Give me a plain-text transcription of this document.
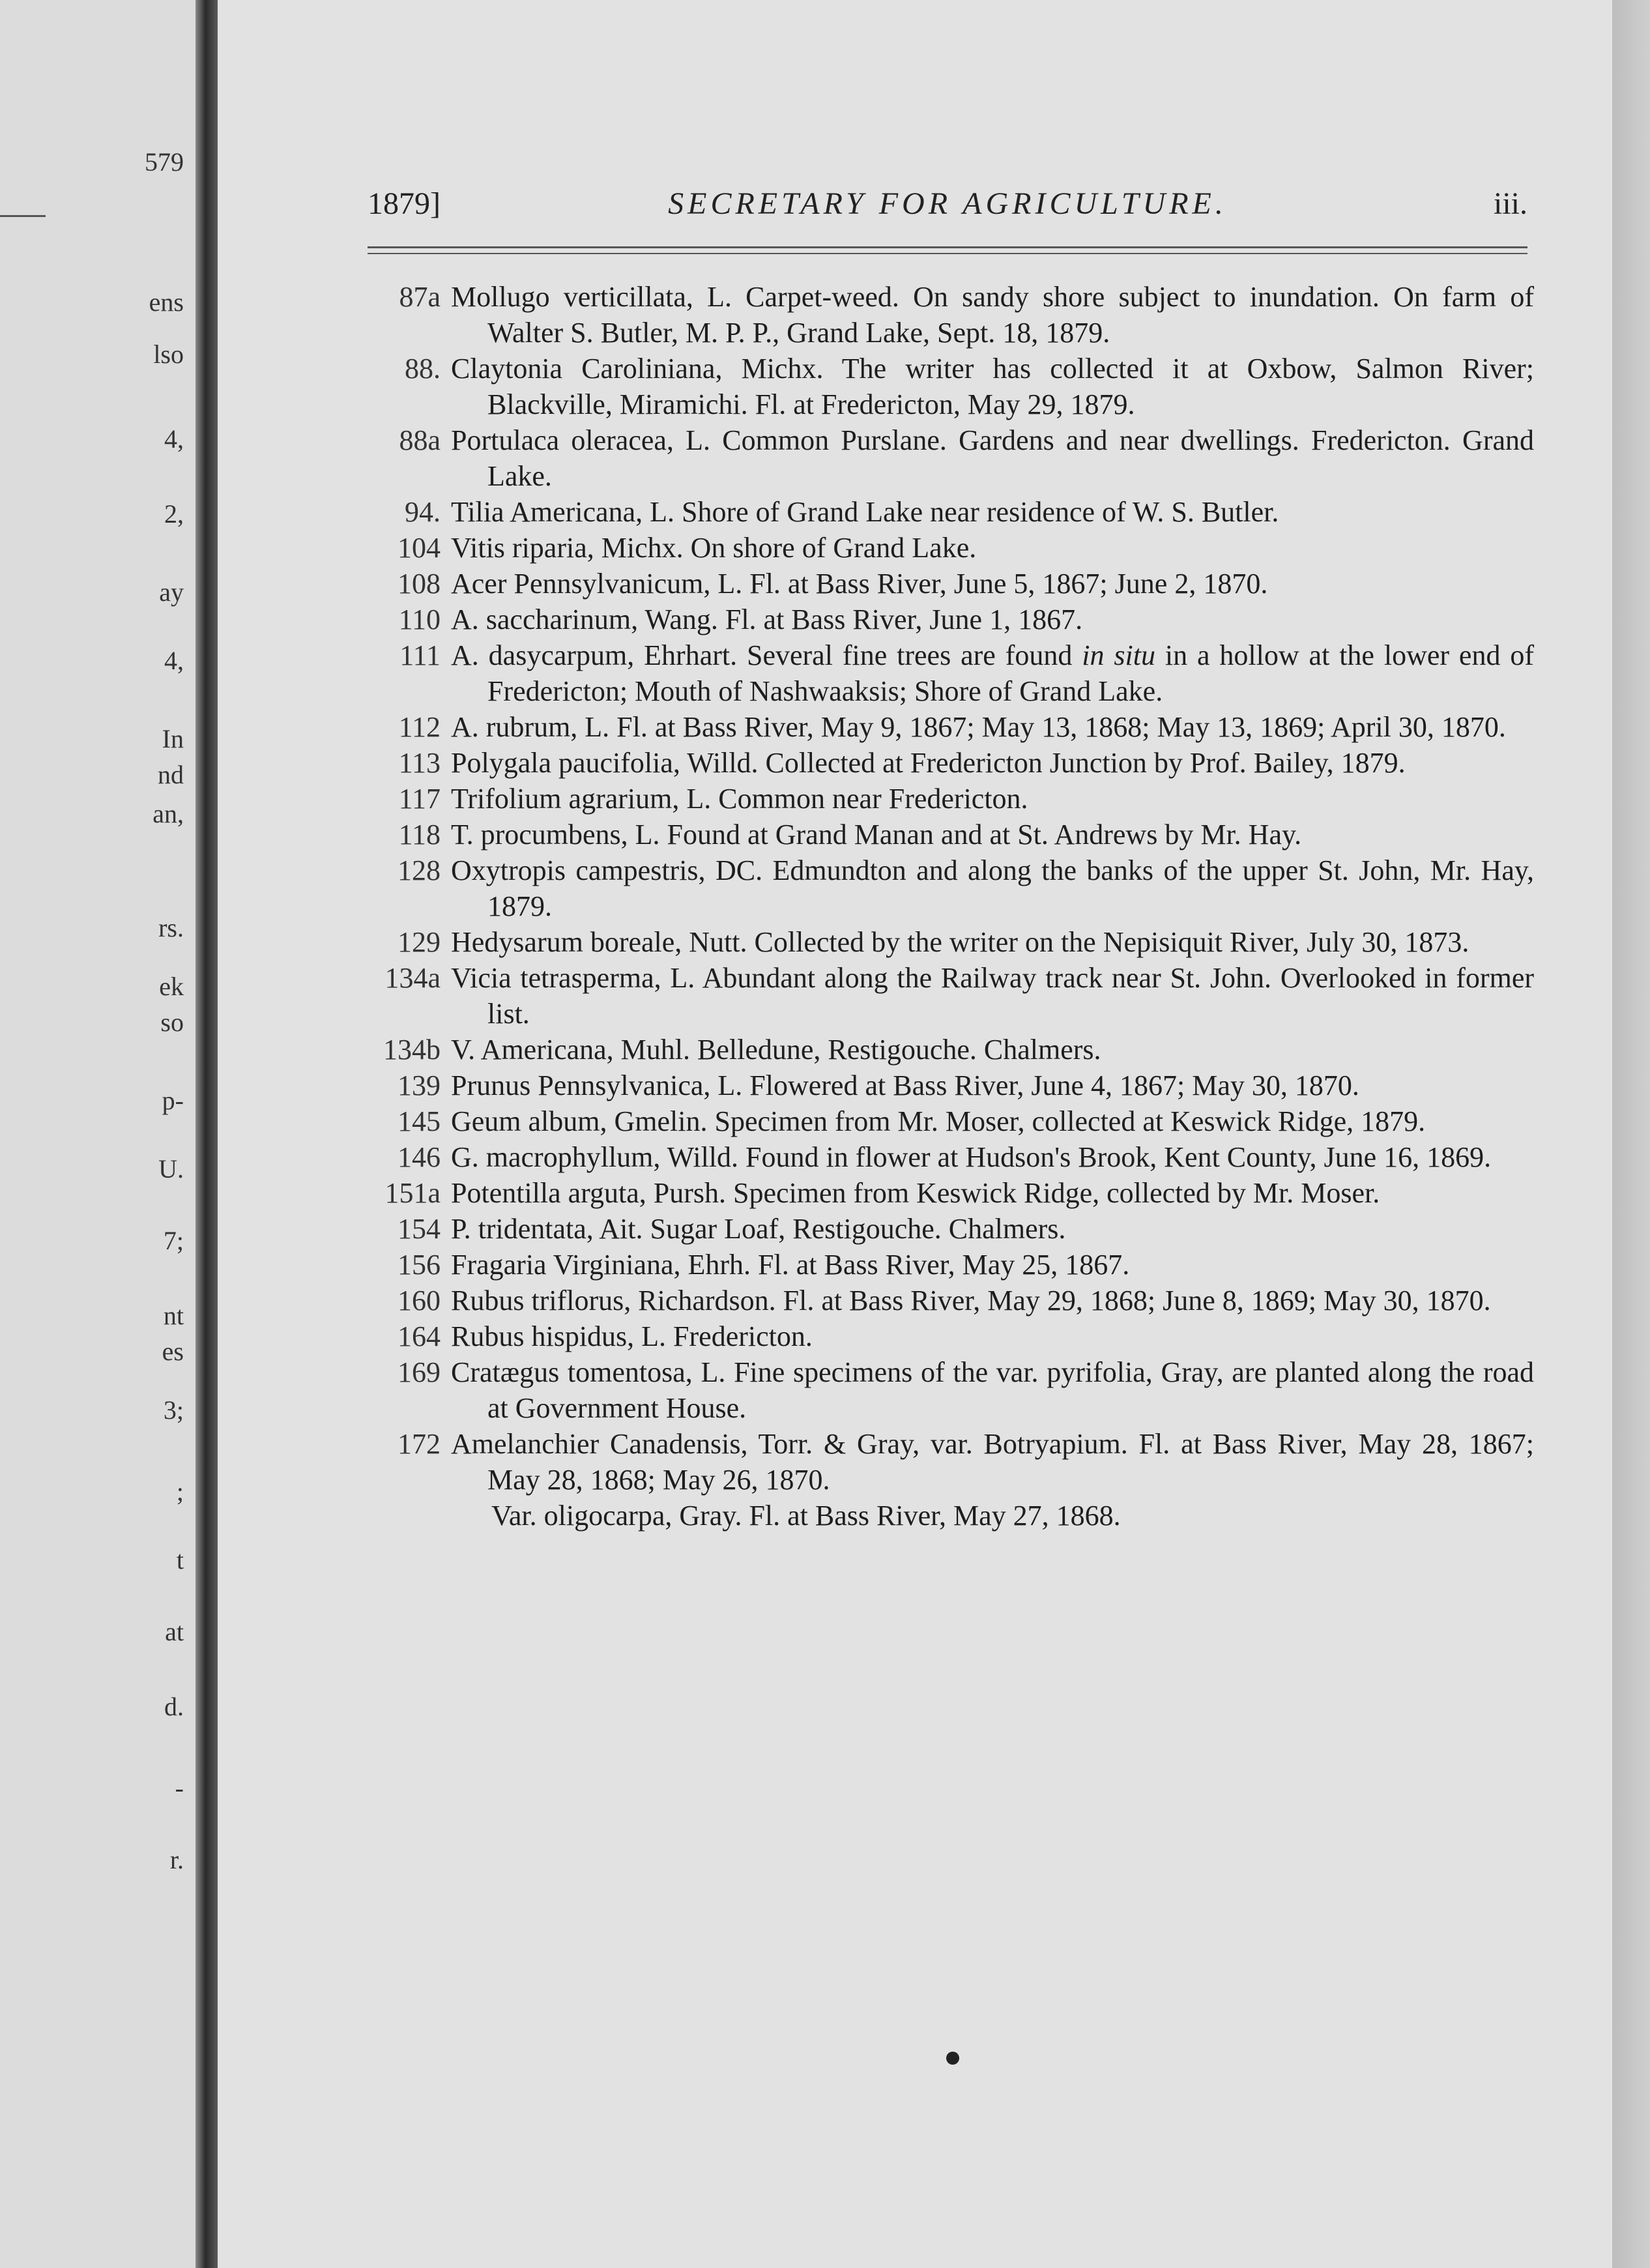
579
ens
lso
4,
2,
ay
4,
In
nd
an,
rs.
ek
so
p-
U.
7;
nt
es
3;
;
t
at
d.
-
r.
1879]	SECRETARY FOR AGRICULTURE.	iii.
87a Mollugo verticillata, L. Carpet-weed. On sandy shore subject to inundation. On farm of Walter S. Butler, M. P. P., Grand Lake, Sept. 18, 1879.
88. Claytonia Caroliniana, Michx. The writer has collected it at Oxbow, Salmon River; Blackville, Miramichi. Fl. at Fredericton, May 29, 1879.
88a Portulaca oleracea, L. Common Purslane. Gardens and near dwellings. Fredericton. Grand Lake.
94. Tilia Americana, L. Shore of Grand Lake near residence of W. S. Butler.
104 Vitis riparia, Michx. On shore of Grand Lake.
108 Acer Pennsylvanicum, L. Fl. at Bass River, June 5, 1867; June 2, 1870.
110 A. saccharinum, Wang. Fl. at Bass River, June 1, 1867.
111 A. dasycarpum, Ehrhart. Several fine trees are found in situ in a hollow at the lower end of Fredericton; Mouth of Nashwaaksis; Shore of Grand Lake.
112 A. rubrum, L. Fl. at Bass River, May 9, 1867; May 13, 1868; May 13, 1869; April 30, 1870.
113 Polygala paucifolia, Willd. Collected at Fredericton Junction by Prof. Bailey, 1879.
117 Trifolium agrarium, L. Common near Fredericton.
118 T. procumbens, L. Found at Grand Manan and at St. Andrews by Mr. Hay.
128 Oxytropis campestris, DC. Edmundton and along the banks of the upper St. John, Mr. Hay, 1879.
129 Hedysarum boreale, Nutt. Collected by the writer on the Nepisiquit River, July 30, 1873.
134a Vicia tetrasperma, L. Abundant along the Railway track near St. John. Overlooked in former list.
134b V. Americana, Muhl. Belledune, Restigouche. Chalmers.
139 Prunus Pennsylvanica, L. Flowered at Bass River, June 4, 1867; May 30, 1870.
145 Geum album, Gmelin. Specimen from Mr. Moser, collected at Keswick Ridge, 1879.
146 G. macrophyllum, Willd. Found in flower at Hudson's Brook, Kent County, June 16, 1869.
151a Potentilla arguta, Pursh. Specimen from Keswick Ridge, collected by Mr. Moser.
154 P. tridentata, Ait. Sugar Loaf, Restigouche. Chalmers.
156 Fragaria Virginiana, Ehrh. Fl. at Bass River, May 25, 1867.
160 Rubus triflorus, Richardson. Fl. at Bass River, May 29, 1868; June 8, 1869; May 30, 1870.
164 Rubus hispidus, L. Fredericton.
169 Cratægus tomentosa, L. Fine specimens of the var. pyrifolia, Gray, are planted along the road at Government House.
172 Amelanchier Canadensis, Torr. & Gray, var. Botryapium. Fl. at Bass River, May 28, 1867; May 28, 1868; May 26, 1870.
Var. oligocarpa, Gray. Fl. at Bass River, May 27, 1868.
